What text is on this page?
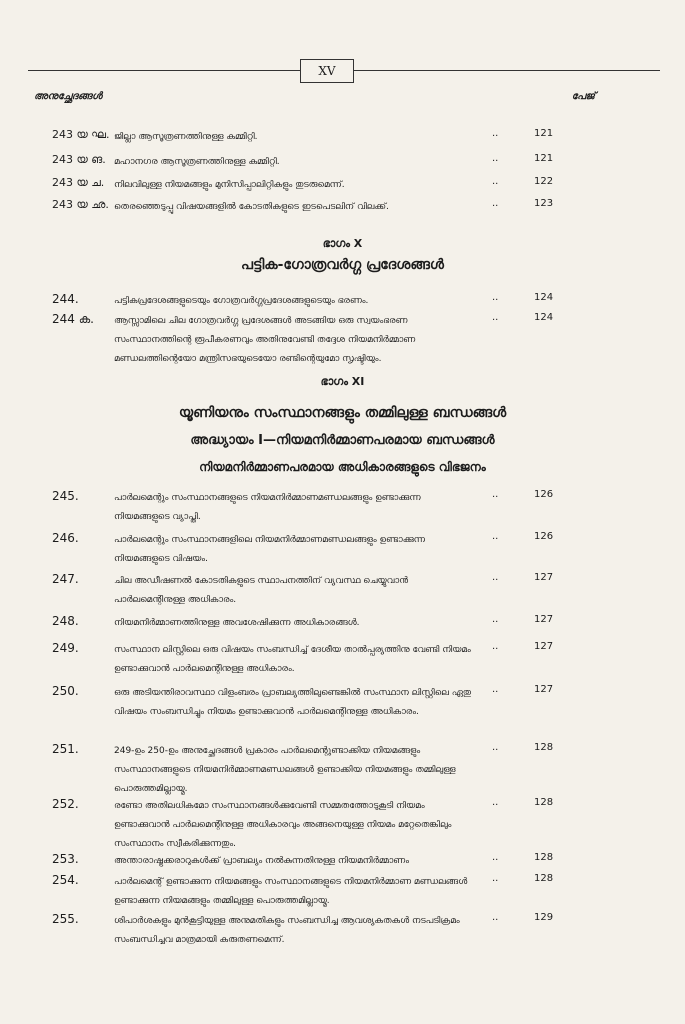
XV
അനുച്ഛേദങ്ങൾ	പേജ്
243 യ ഘ. ജില്ലാ ആസൂത്രണത്തിനുള്ള കമ്മിറ്റി.	..	121
243 യ ങ. മഹാനഗര ആസൂത്രണത്തിനുള്ള കമ്മിറ്റി.	..	121
243 യ ച. നിലവിലുള്ള നിയമങ്ങളും മുനിസിപ്പാലിറ്റികളും തുടരുമെന്ന്.	..	122
243 യ ഛ. തെരഞ്ഞെടുപ്പു വിഷയങ്ങളിൽ കോടതികളുടെ ഇടപെടലിന് വിലക്ക്.	..	123
ഭാഗം X
പട്ടിക-ഗോത്രവർഗ്ഗ പ്രദേശങ്ങൾ
244.	പട്ടികപ്രദേശങ്ങളുടെയും ഗോത്രവർഗ്ഗപ്രദേശങ്ങളുടെയും ഭരണം.	..	124
244 ക.	ആസ്സാമിലെ ചില ഗോത്രവർഗ്ഗ പ്രദേശങ്ങൾ അടങ്ങിയ ഒരു സ്വയംഭരണ സംസ്ഥാനത്തിന്റെ രൂപീകരണവും അതിനുവേണ്ടി തദ്ദേശ നിയമനിർമ്മാണ മണ്ഡലത്തിന്റെയോ മന്ത്രിസഭയുടെയോ രണ്ടിന്റെയുമോ സൃഷ്ടിയും.
..	124
ഭാഗം XI
യൂണിയനും സംസ്ഥാനങ്ങളും തമ്മിലുള്ള ബന്ധങ്ങൾ
അദ്ധ്യായം I—നിയമനിർമ്മാണപരമായ ബന്ധങ്ങൾ
നിയമനിർമ്മാണപരമായ അധികാരങ്ങളുടെ വിഭജനം
245.	പാർലമെന്റും സംസ്ഥാനങ്ങളുടെ നിയമനിർമ്മാണമണ്ഡലങ്ങളും ഉണ്ടാക്കുന്ന നിയമങ്ങളുടെ വ്യാപ്തി.
..	126
246.	പാർലമെന്റും സംസ്ഥാനങ്ങളിലെ നിയമനിർമ്മാണമണ്ഡലങ്ങളും ഉണ്ടാക്കുന്ന നിയമങ്ങളുടെ വിഷയം.
..	126
247.	ചില അഡീഷണൽ കോടതികളുടെ സ്ഥാപനത്തിന് വ്യവസ്ഥ ചെയ്യുവാൻ പാർലമെന്റിനുള്ള അധികാരം.
..	127
248.	നിയമനിർമ്മാണത്തിനുള്ള അവശേഷിക്കുന്ന അധികാരങ്ങൾ.	..	127
249.	സംസ്ഥാന ലിസ്റ്റിലെ ഒരു വിഷയം സംബന്ധിച്ച് ദേശീയ താൽപ്പര്യത്തിനു വേണ്ടി നിയമം ഉണ്ടാക്കുവാൻ പാർലമെന്റിനുള്ള അധികാരം.
..	127
250.	ഒരു അടിയന്തിരാവസ്ഥാ വിളംബരം പ്രാബല്യത്തിലുണ്ടെങ്കിൽ സംസ്ഥാന ലിസ്റ്റിലെ ഏതു വിഷയം സംബന്ധിച്ചും നിയമം ഉണ്ടാക്കുവാൻ പാർലമെന്റിനുള്ള അധികാരം.
..	127
251.	249-ഉം 250-ഉം അനുച്ഛേദങ്ങൾ പ്രകാരം പാർലമെന്റുണ്ടാക്കിയ നിയമങ്ങളും സംസ്ഥാനങ്ങളുടെ നിയമനിർമ്മാണമണ്ഡലങ്ങൾ ഉണ്ടാക്കിയ നിയമങ്ങളും തമ്മിലുള്ള പൊരുത്തമില്ലായ്മ.
..	128
252.	രണ്ടോ അതിലധികമോ സംസ്ഥാനങ്ങൾക്കുവേണ്ടി സമ്മതത്തോടുകൂടി നിയമം ഉണ്ടാക്കുവാൻ പാർലമെന്റിനുള്ള അധികാരവും അങ്ങനെയുള്ള നിയമം മറ്റേതെങ്കിലും സംസ്ഥാനം സ്വീകരിക്കുന്നതും.
..	128
253.	അന്താരാഷ്ട്രക്കരാറുകൾക്ക് പ്രാബല്യം നൽകുന്നതിനുള്ള നിയമനിർമ്മാണം	..	128
254.	പാർലമെന്റ് ഉണ്ടാക്കുന്ന നിയമങ്ങളും സംസ്ഥാനങ്ങളുടെ നിയമനിർമ്മാണ മണ്ഡലങ്ങൾ ഉണ്ടാക്കുന്ന നിയമങ്ങളും തമ്മിലുള്ള പൊരുത്തമില്ലായ്മ.
..	128
255.	ശിപാർശകളും മുൻകൂട്ടിയുള്ള അനുമതികളും സംബന്ധിച്ച ആവശ്യകതകൾ നടപടിക്രമം സംബന്ധിച്ചവ മാത്രമായി കരുതണമെന്ന്.
..	129
